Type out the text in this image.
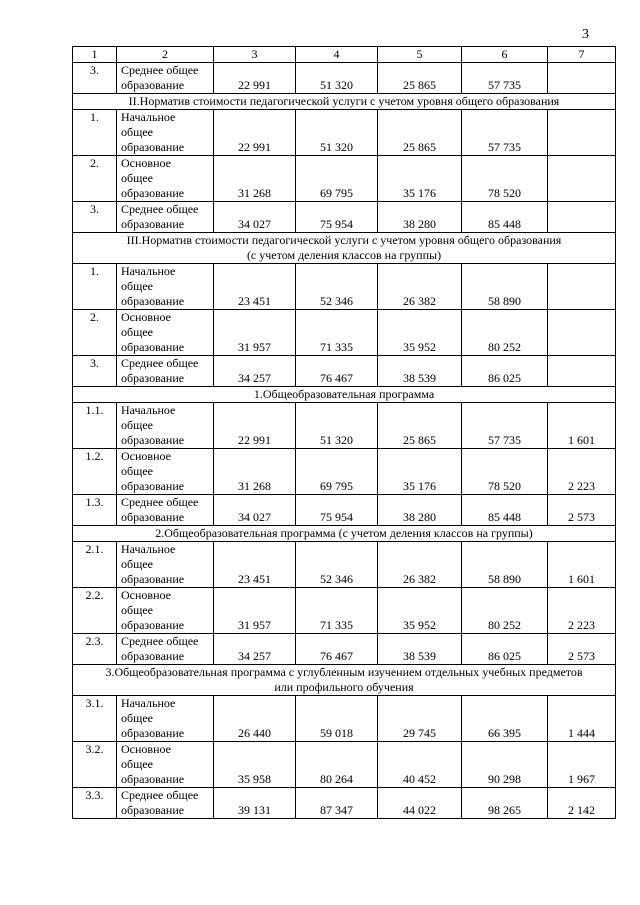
3
1	2	3	4	5	6	7
3.	Среднее общее
образование	22 991	51 320	25 865	57 735	

II.Норматив стоимости педагогической услуги с учетом уровня общего образования						

1.	Начальное
общее
образование	22 991	51 320	25 865	57 735	
2.	Основное
общее
образование	31 268	69 795	35 176	78 520	
3.	Среднее общее
образование	34 027	75 954	38 280	85 448	

III.Норматив стоимости педагогической услуги с учетом уровня общего образования
(с учетом деления классов на группы)						

1.	Начальное
общее
образование	23 451	52 346	26 382	58 890	
2.	Основное
общее
образование	31 957	71 335	35 952	80 252	
3.	Среднее общее
образование	34 257	76 467	38 539	86 025	

1.Общеобразовательная программа						

1.1.	Начальное
общее
образование	22 991	51 320	25 865	57 735	1 601
1.2.	Основное
общее
образование	31 268	69 795	35 176	78 520	2 223
1.3.	Среднее общее
образование	34 027	75 954	38 280	85 448	2 573

2.Общеобразовательная программа (с учетом деления классов на группы)						

2.1.	Начальное
общее
образование	23 451	52 346	26 382	58 890	1 601
2.2.	Основное
общее
образование	31 957	71 335	35 952	80 252	2 223
2.3.	Среднее общее
образование	34 257	76 467	38 539	86 025	2 573

3.Общеобразовательная программа с углубленным изучением отдельных учебных предметов
или профильного обучения						

3.1.	Начальное
общее
образование	26 440	59 018	29 745	66 395	1 444
3.2.	Основное
общее
образование	35 958	80 264	40 452	90 298	1 967
3.3.	Среднее общее
образование	39 131	87 347	44 022	98 265	2 142
